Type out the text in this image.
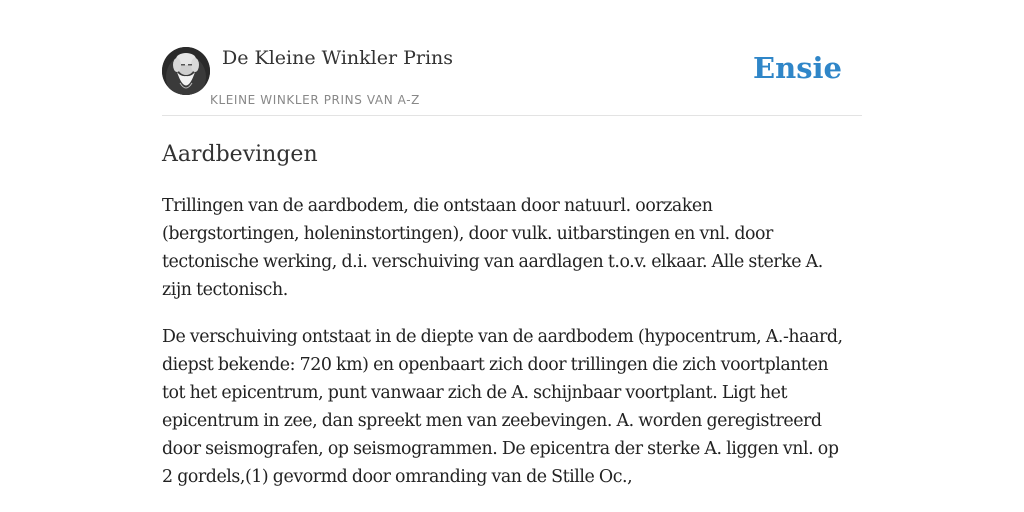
De Kleine Winkler Prins
KLEINE WINKLER PRINS VAN A-Z
Ensie
Aardbevingen

Trillingen van de aardbodem, die ontstaan door natuurl. oorzaken
(bergstortingen, holeninstortingen), door vulk. uitbarstingen en vnl. door
tectonische werking, d.i. verschuiving van aardlagen t.o.v. elkaar. Alle sterke A.
zijn tectonisch.

De verschuiving ontstaat in de diepte van de aardbodem (hypocentrum, A.-haard,
diepst bekende: 720 km) en openbaart zich door trillingen die zich voortplanten
tot het epicentrum, punt vanwaar zich de A. schijnbaar voortplant. Ligt het
epicentrum in zee, dan spreekt men van zeebevingen. A. worden geregistreerd
door seismografen, op seismogrammen. De epicentra der sterke A. liggen vnl. op
2 gordels,(1) gevormd door omranding van de Stille Oc.,
